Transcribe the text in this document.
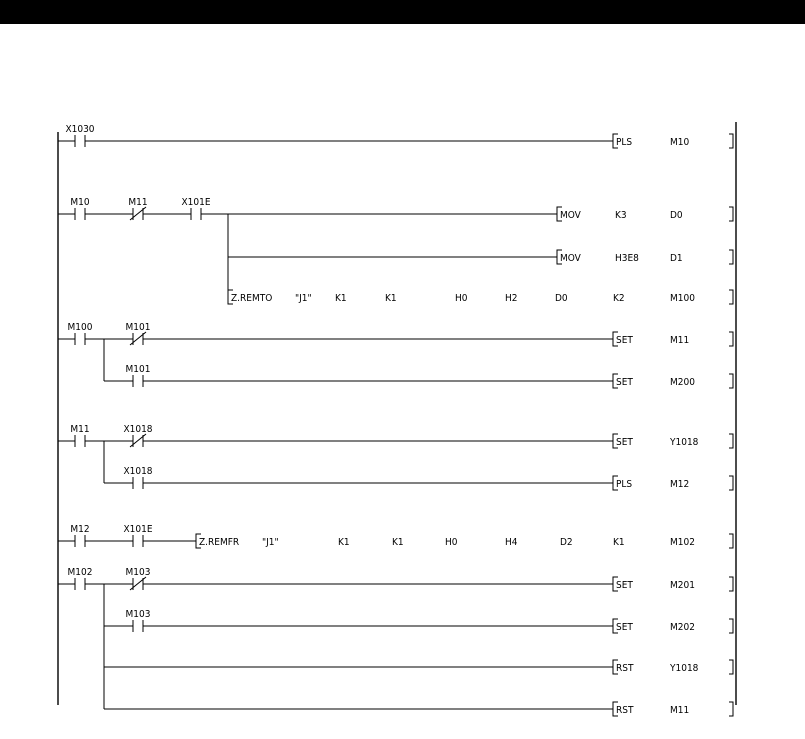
X1030
M10	M11	X101E
M100	M101
M101
M11	X1018
X1018
M12	X101E
M102	M103
M103
PLS	M10
MOV	K3	D0
MOV	H3E8	D1
Z.REMTO "J1" K1	K1	H0	H2	D0	K2	M100
SET	M11
SET	M200
SET	Y1018
PLS	M12
Z.REMFR "J1"	K1	K1	H0	H4	D2	K1	M102
SET	M201
SET	M202
RST	Y1018
RST	M11
